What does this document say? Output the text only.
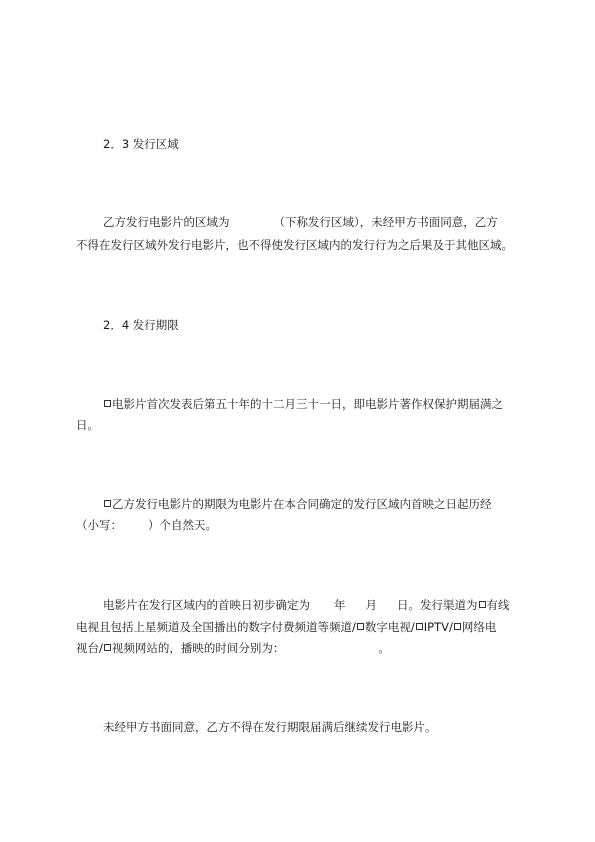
2．3 发行区域
乙方发行电影片的区域为	（下称发行区域），未经甲方书面同意，乙方
不得在发行区域外发行电影片，也不得使发行区域内的发行行为之后果及于其他区域。
2．4 发行期限
电影片首次发表后第五十年的十二月三十一日，即电影片著作权保护期届满之
日。
乙方发行电影片的期限为电影片在本合同确定的发行区域内首映之日起历经
（小写： ）个自然天。
电影片在发行区域内的首映日初步确定为 年 月 日。发行渠道为 有线
电视且包括上星频道及全国播出的数字付费频道等频道/ 数字电视/ IPTV/ 网络电
视台/ 视频网站的，播映的时间分别为：	。
未经甲方书面同意，乙方不得在发行期限届满后继续发行电影片。
